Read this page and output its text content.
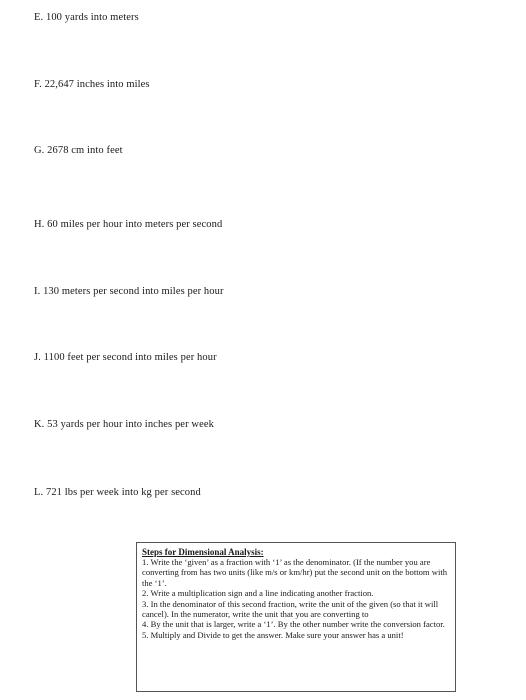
E. 100 yards into meters
F. 22,647 inches into miles
G. 2678 cm into feet
H. 60 miles per hour into meters per second
I. 130 meters per second into miles per hour
J. 1100 feet per second into miles per hour
K. 53 yards per hour into inches per week
L. 721 lbs per week into kg per second
Steps for Dimensional Analysis:

1. Write the ‘given’ as a fraction with ‘1’ as the denominator. (If the number you are converting from has two units (like m/s or km/hr) put the second unit on the bottom with the ‘1’.

2. Write a multiplication sign and a line indicating another fraction.

3. In the denominator of this second fraction, write the unit of the given (so that it will cancel). In the numerator, write the unit that you are converting to

4. By the unit that is larger, write a ‘1’. By the other number write the conversion factor.

5. Multiply and Divide to get the answer. Make sure your answer has a unit!
